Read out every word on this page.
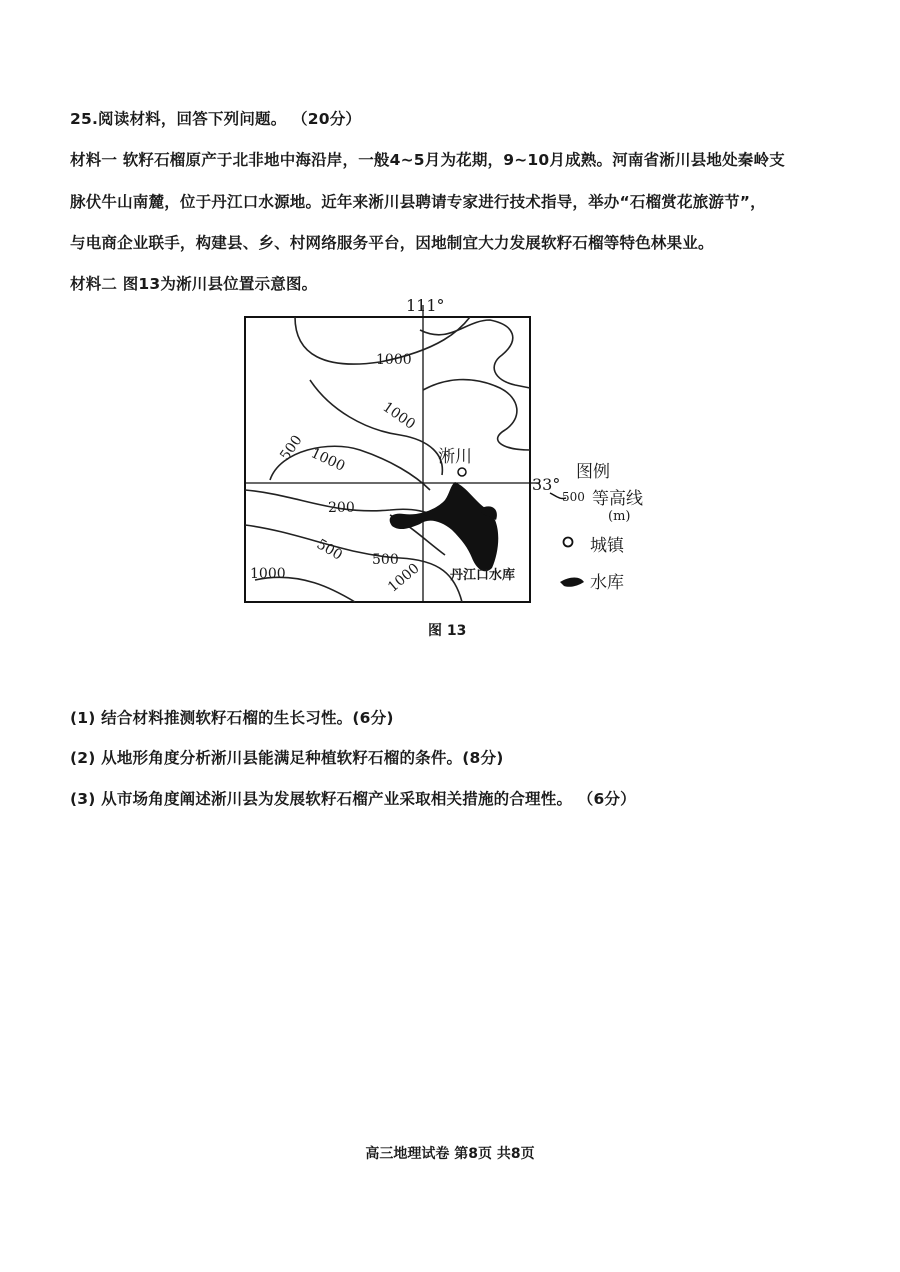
25.阅读材料，回答下列问题。 （20分）
材料一 软籽石榴原产于北非地中海沿岸，一般4~5月为花期，9~10月成熟。河南省淅川县地处秦岭支
脉伏牛山南麓，位于丹江口水源地。近年来淅川县聘请专家进行技术指导，举办“石榴赏花旅游节”，
与电商企业联手，构建县、乡、村网络服务平台，因地制宜大力发展软籽石榴等特色林果业。
材料二 图13为淅川县位置示意图。
111°
33°
淅川
丹江口水库
1000
1000
500 1000
200
500 500
1000	1000
图例
500 等高线
(m)
城镇
水库
图 13
(1) 结合材料推测软籽石榴的生长习性。(6分)
(2) 从地形角度分析淅川县能满足种植软籽石榴的条件。(8分)
(3) 从市场角度阐述淅川县为发展软籽石榴产业采取相关措施的合理性。 （6分）
高三地理试卷 第8页 共8页
